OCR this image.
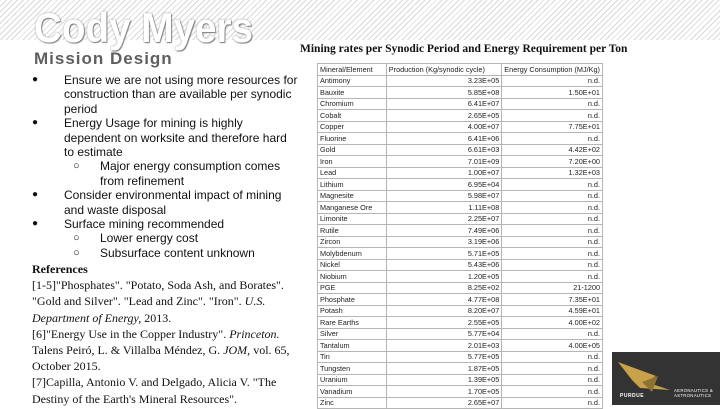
Cody Myers
Mission Design
● Ensure we are not using more resources for construction than are available per synodic period
● Energy Usage for mining is highly dependent on worksite and therefore hard to estimate
○ Major energy consumption comes from refinement
● Consider environmental impact of mining and waste disposal
● Surface mining recommended
○ Lower energy cost
○ Subsurface content unknown
References
[1-5]"Phosphates". "Potato, Soda Ash, and Borates". "Gold and Silver". "Lead and Zinc". "Iron". U.S. Department of Energy, 2013.
[6]"Energy Use in the Copper Industry". Princeton.
Talens Peiró, L. & Villalba Méndez, G. JOM, vol. 65, October 2015.
[7]Capilla, Antonio V. and Delgado, Alicia V. "The Destiny of the Earth's Mineral Resources".
Mining rates per Synodic Period and Energy Requirement per Ton
Mineral/Element	Production (Kg/synodic cycle)	Energy Consumption (MJ/Kg)
Antimony	3.23E+05	n.d.
Bauxite	5.85E+08	1.50E+01
Chromium	6.41E+07	n.d.
Cobalt	2.65E+05	n.d.
Copper	4.00E+07	7.75E+01
Fluorine	6.41E+06	n.d.
Gold	6.61E+03	4.42E+02
Iron	7.01E+09	7.20E+00
Lead	1.00E+07	1.32E+03
Lithium	6.95E+04	n.d.
Magnesite	5.98E+07	n.d.
Manganese Ore	1.11E+08	n.d.
Limonite	2.25E+07	n.d.
Rutile	7.49E+06	n.d.
Zircon	3.19E+06	n.d.
Molybdenum	5.71E+05	n.d.
Nickel	5.43E+06	n.d.
Niobium	1.20E+05	n.d.
PGE	8.25E+02	21-1200
Phosphate	4.77E+08	7.35E+01
Potash	8.20E+07	4.59E+01
Rare Earths	2.55E+05	4.00E+02
Silver	5.77E+04	n.d.
Tantalum	2.01E+03	4.00E+05
Tin	5.77E+05	n.d.
Tungsten	1.87E+05	n.d.
Uranium	1.39E+05	n.d.
Vanadium	1.70E+05	n.d.
Zinc	2.65E+07	n.d.
PURDUE
AERONAUTICS & ASTRONAUTICS
